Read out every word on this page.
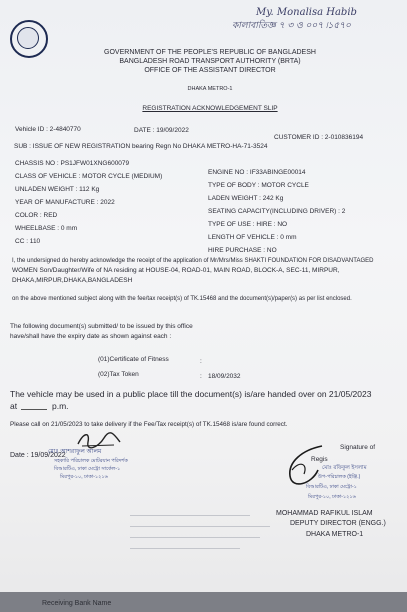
My. Monalisa Habib
কালাবাতিজ্ঞ ৭ ৩ ও ০০৭ ৷১৫৭০
GOVERNMENT OF THE PEOPLE'S REPUBLIC OF BANGLADESH
BANGLADESH ROAD TRANSPORT AUTHORITY (BRTA)
OFFICE OF THE ASSISTANT DIRECTOR
DHAKA METRO-1
REGISTRATION ACKNOWLEDGEMENT SLIP
Vehicle ID : 2-4840770	DATE : 19/09/2022
CUSTOMER ID : 2-010836194
SUB : ISSUE OF NEW REGISTRATION bearing Regn No DHAKA METRO-HA-71-3524
CHASSIS NO : PS1JFW01XNG600079
CLASS OF VEHICLE : MOTOR CYCLE (MEDIUM)
UNLADEN WEIGHT : 112 Kg
YEAR OF MANUFACTURE : 2022
COLOR : RED
WHEELBASE : 0 mm
CC : 110
ENGINE NO : IF33ABINGE00014
TYPE OF BODY : MOTOR CYCLE
LADEN WEIGHT : 242 Kg
SEATING CAPACITY(INCLUDING DRIVER) : 2
TYPE OF USE : HIRE : NO
LENGTH OF VEHICLE : 0 mm
HIRE PURCHASE : NO
I, the undersigned do hereby acknowledge the receipt of the application of Mr/Mrs/Miss SHAKTI FOUNDATION FOR DISADVANTAGED
WOMEN Son/Daughter/Wife of NA residing at HOUSE-04, ROAD-01, MAIN ROAD, BLOCK-A, SEC-11, MIRPUR,
DHAKA,MIRPUR,DHAKA,BANGLADESH
on the above mentioned subject along with the fee/tax receipt(s) of TK.15468 and the document(s)/paper(s) as per list enclosed.
The following document(s) submitted/ to be issued by this office
have/shall have the expiry date as shown against each :
(01)Certificate of Fitness	:
(02)Tax Token	: 18/09/2032
The vehicle may be used in a public place till the document(s) is/are handed over on 21/05/2023
at	p.m.
Please call on 21/05/2023 to take delivery if the Fee/Tax receipt(s) of TK.15468 is/are found correct.
Date : 19/09/2022
মোঃ আশরাফুল আলম
সহকারি পরিচালক মোটরযান পরিদর্শক
বিআরটিএ, ঢাকা মেট্রো সার্কেল-১
মিরপুর-১০, ঢাকা-১২১৬
Signature of
Regis
মোঃ রফিকুল ইসলাম
উপ-পরিচালক (ইঞ্জি.)
বিআরটিএ, ঢাকা মেট্রো-১
মিরপুর-১০, ঢাকা-১২১৬
MOHAMMAD RAFIKUL ISLAM
DEPUTY DIRECTOR (ENGG.)
DHAKA METRO-1
Receiving Bank Name
